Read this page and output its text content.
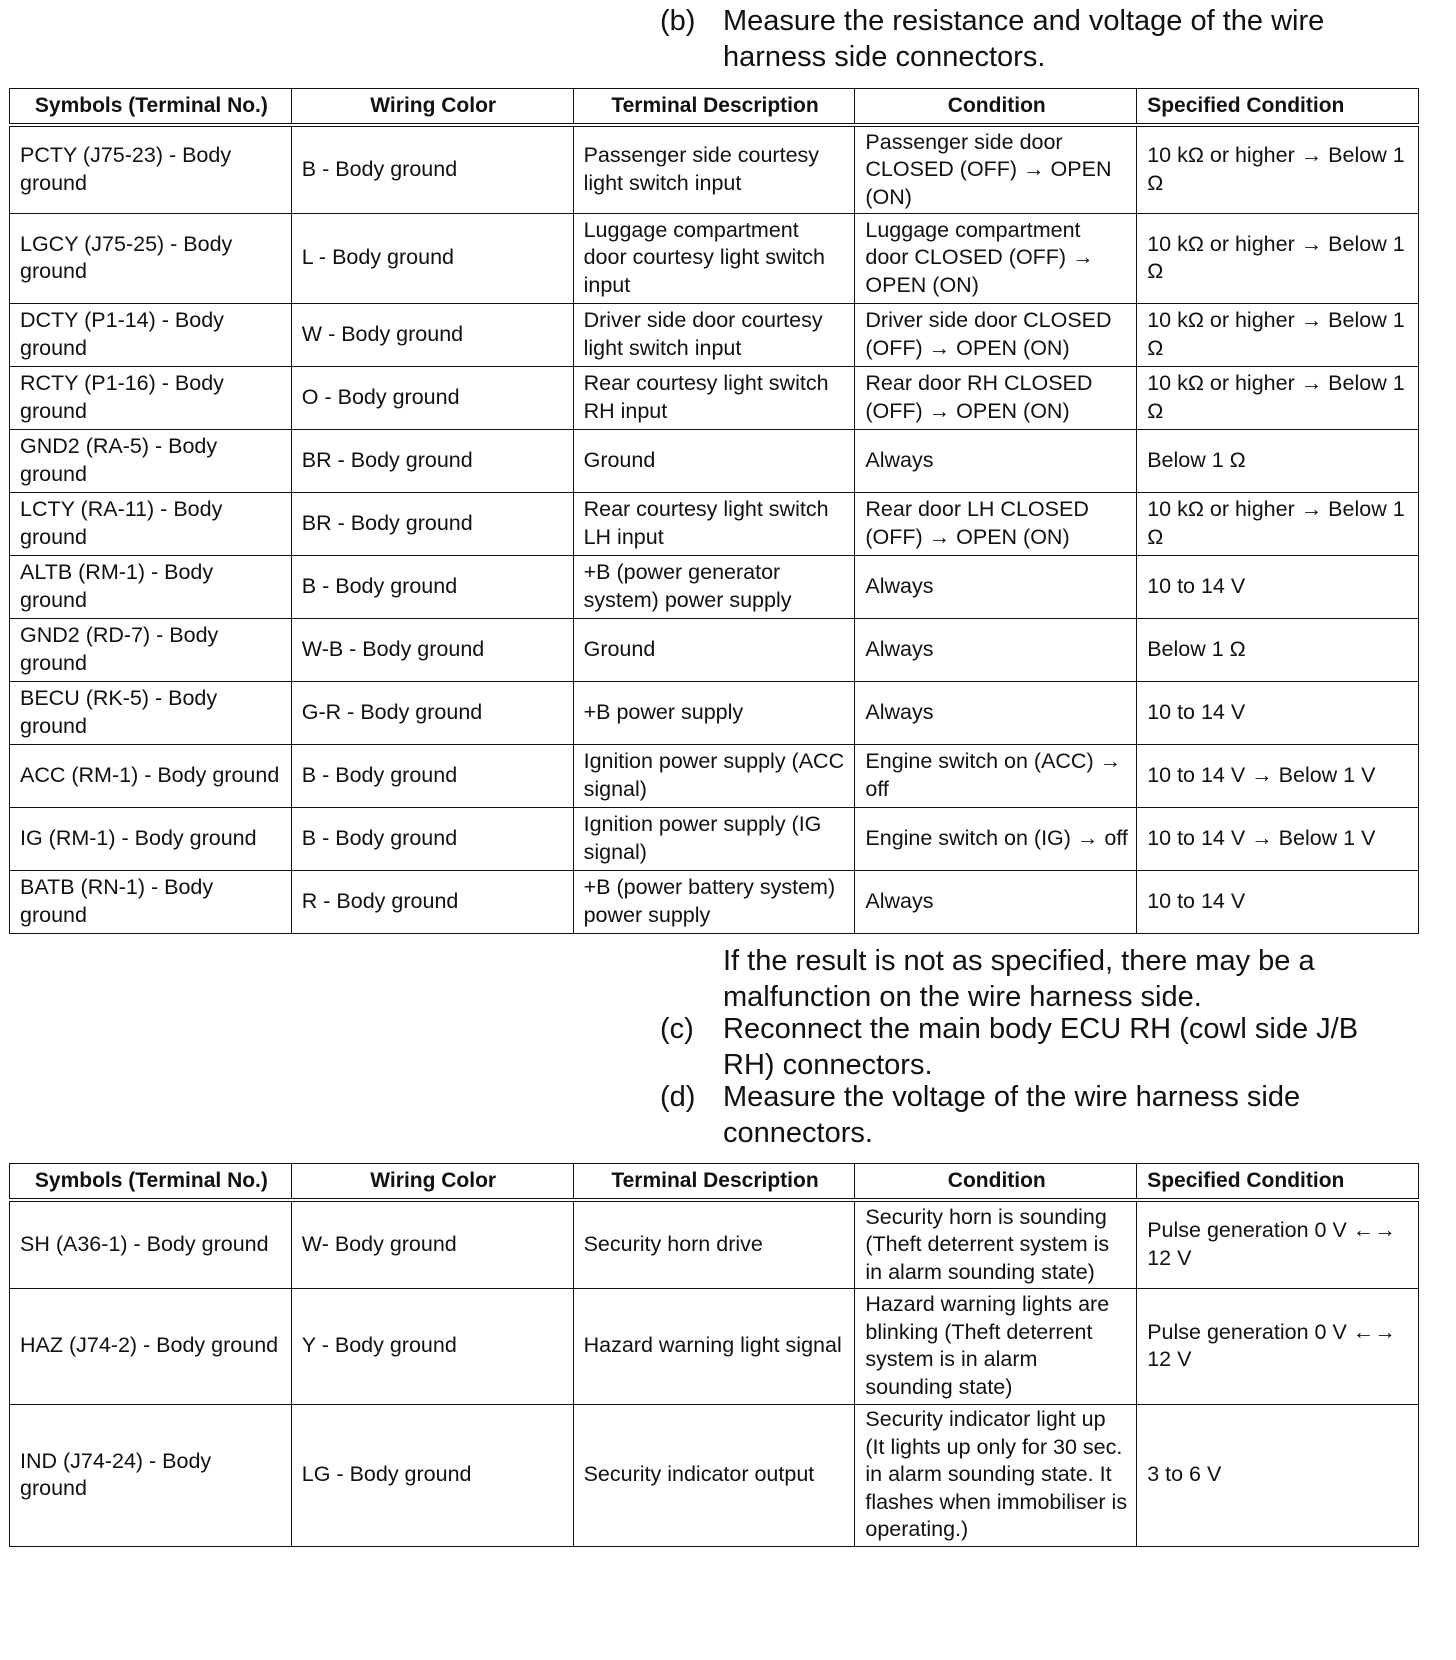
(b) Measure the resistance and voltage of the wire harness side connectors.
Symbols (Terminal No.)	Wiring Color	Terminal Description	Condition	Specified Condition
PCTY (J75-23) - Body ground	B - Body ground	Passenger side courtesy light switch input	Passenger side door CLOSED (OFF) → OPEN (ON)	10 kΩ or higher → Below 1 Ω
LGCY (J75-25) - Body ground	L - Body ground	Luggage compartment door courtesy light switch input	Luggage compartment door CLOSED (OFF) → OPEN (ON)	10 kΩ or higher → Below 1 Ω
DCTY (P1-14) - Body ground	W - Body ground	Driver side door courtesy light switch input	Driver side door CLOSED (OFF) → OPEN (ON)	10 kΩ or higher → Below 1 Ω
RCTY (P1-16) - Body ground	O - Body ground	Rear courtesy light switch RH input	Rear door RH CLOSED (OFF) → OPEN (ON)	10 kΩ or higher → Below 1 Ω
GND2 (RA-5) - Body ground	BR - Body ground	Ground	Always	Below 1 Ω
LCTY (RA-11) - Body ground	BR - Body ground	Rear courtesy light switch LH input	Rear door LH CLOSED (OFF) → OPEN (ON)	10 kΩ or higher → Below 1 Ω
ALTB (RM-1) - Body ground	B - Body ground	+B (power generator system) power supply	Always	10 to 14 V
GND2 (RD-7) - Body ground	W-B - Body ground	Ground	Always	Below 1 Ω
BECU (RK-5) - Body ground	G-R - Body ground	+B power supply	Always	10 to 14 V
ACC (RM-1) - Body ground	B - Body ground	Ignition power supply (ACC signal)	Engine switch on (ACC) → off	10 to 14 V → Below 1 V
IG (RM-1) - Body ground	B - Body ground	Ignition power supply (IG signal)	Engine switch on (IG) → off	10 to 14 V → Below 1 V
BATB (RN-1) - Body ground	R - Body ground	+B (power battery system) power supply	Always	10 to 14 V
If the result is not as specified, there may be a malfunction on the wire harness side.
(c) Reconnect the main body ECU RH (cowl side J/B RH) connectors.
(d) Measure the voltage of the wire harness side connectors.
Symbols (Terminal No.)	Wiring Color	Terminal Description	Condition	Specified Condition
SH (A36-1) - Body ground	W- Body ground	Security horn drive	Security horn is sounding (Theft deterrent system is in alarm sounding state)	Pulse generation 0 V ←→ 12 V
HAZ (J74-2) - Body ground	Y - Body ground	Hazard warning light signal	Hazard warning lights are blinking (Theft deterrent system is in alarm sounding state)	Pulse generation 0 V ←→ 12 V
IND (J74-24) - Body ground	LG - Body ground	Security indicator output	Security indicator light up (It lights up only for 30 sec. in alarm sounding state. It flashes when immobiliser is operating.)	3 to 6 V
